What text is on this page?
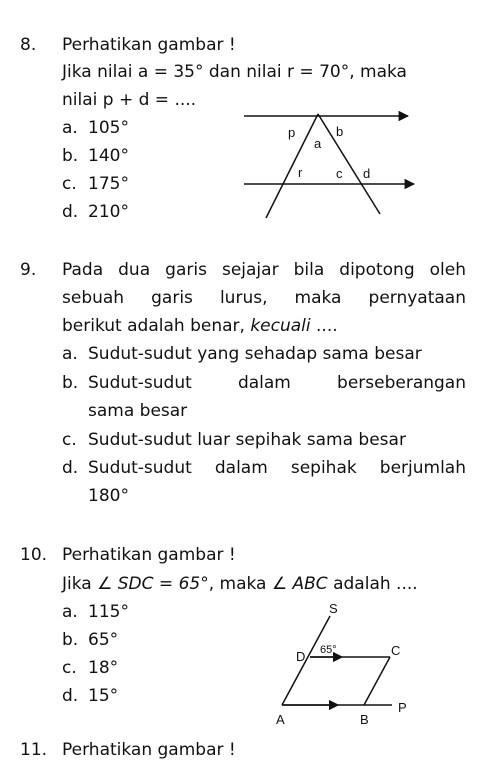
8. Perhatikan gambar !
Jika nilai a = 35° dan nilai r = 70°, maka
nilai p + d = ....
a. 105°
b. 140°
c. 175°
d. 210°
p
a
b
r	c d
9. Pada dua garis sejajar bila dipotong oleh
sebuah garis lurus, maka pernyataan
berikut adalah benar, kecuali ....
a. Sudut-sudut yang sehadap sama besar
b. Sudut-sudut dalam berseberangan
sama besar
c. Sudut-sudut luar sepihak sama besar
d. Sudut-sudut dalam sepihak berjumlah
180°
10. Perhatikan gambar !
Jika ∠ SDC = 65°, maka ∠ ABC adalah ....
a. 115°
b. 65°
c. 18°
d. 15°
S
D 65°	C
A	B
P
11. Perhatikan gambar !
